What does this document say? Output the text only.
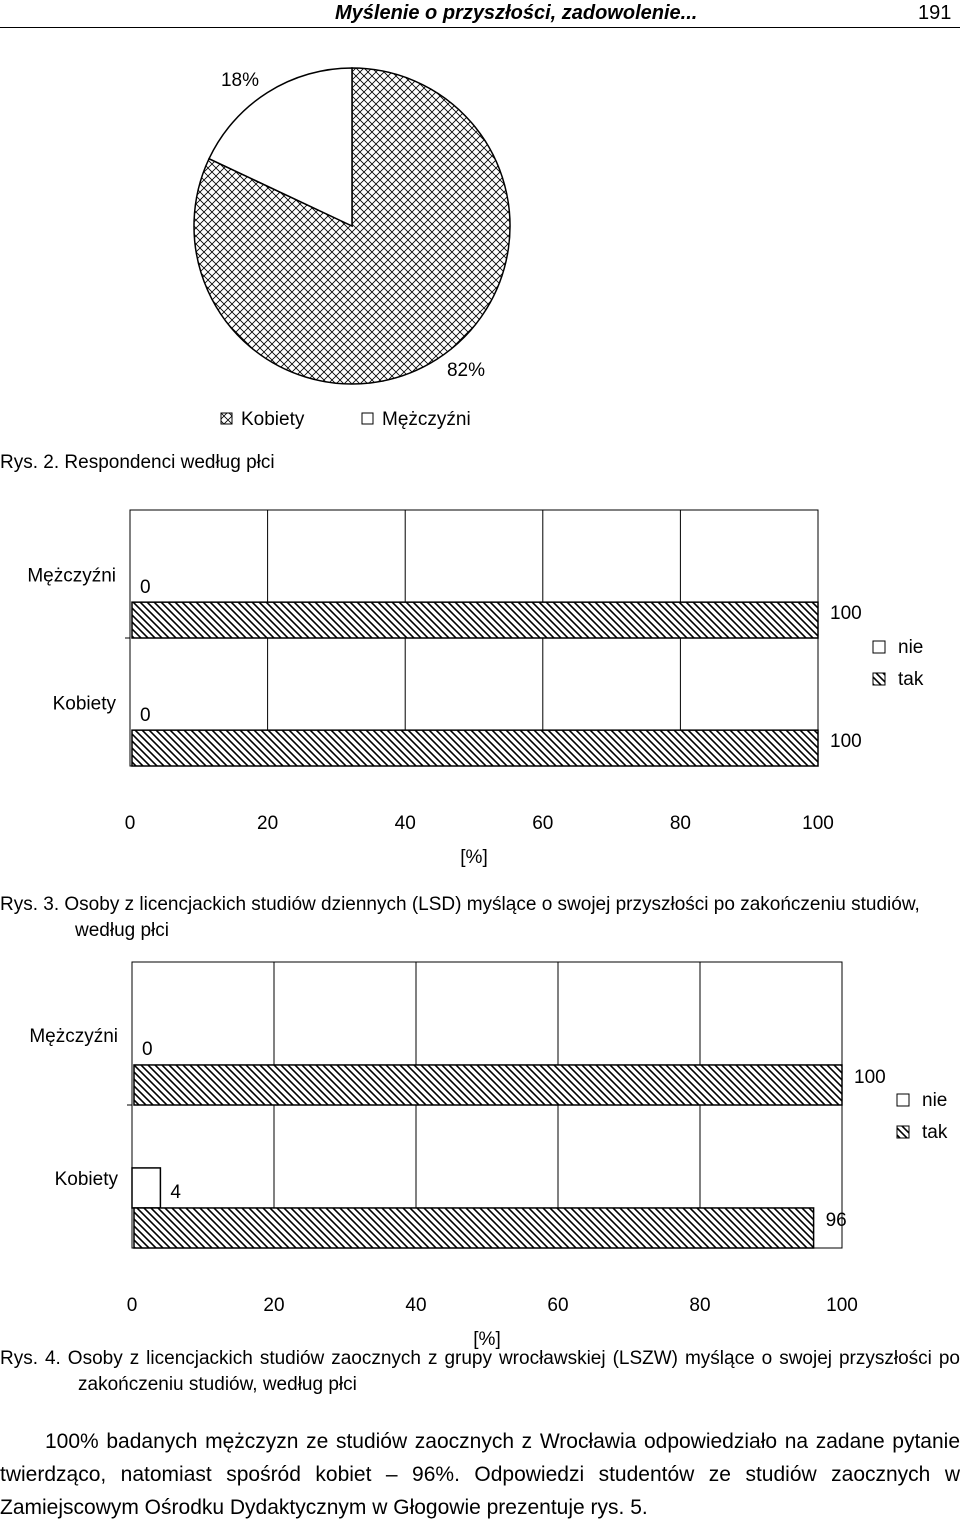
Myślenie o przyszłości, zadowolenie...	191
82%
18%
Kobiety	Mężczyźni
Mężczyźni
0
100
Kobiety
0
100
0	20	40	60	80	100
[%]
nie
tak
Mężczyźni
0
100
Kobiety
4
96
0	20	40	60	80	100
[%]
nie
tak
Rys. 2. Respondenci według płci
Rys. 3. Osoby z licencjackich studiów dziennych (LSD) myślące o swojej przyszłości po zakończeniu studiów, według płci
Rys. 4. Osoby z licencjackich studiów zaocznych z grupy wrocławskiej (LSZW) myślące o swojej przyszłości po zakończeniu studiów, według płci

100% badanych mężczyzn ze studiów zaocznych z Wrocławia odpowiedziało na zadane pytanie twierdząco, natomiast spośród kobiet – 96%. Odpowiedzi studentów ze studiów zaocznych w Zamiejscowym Ośrodku Dydaktycznym w Głogowie prezentuje rys. 5.
